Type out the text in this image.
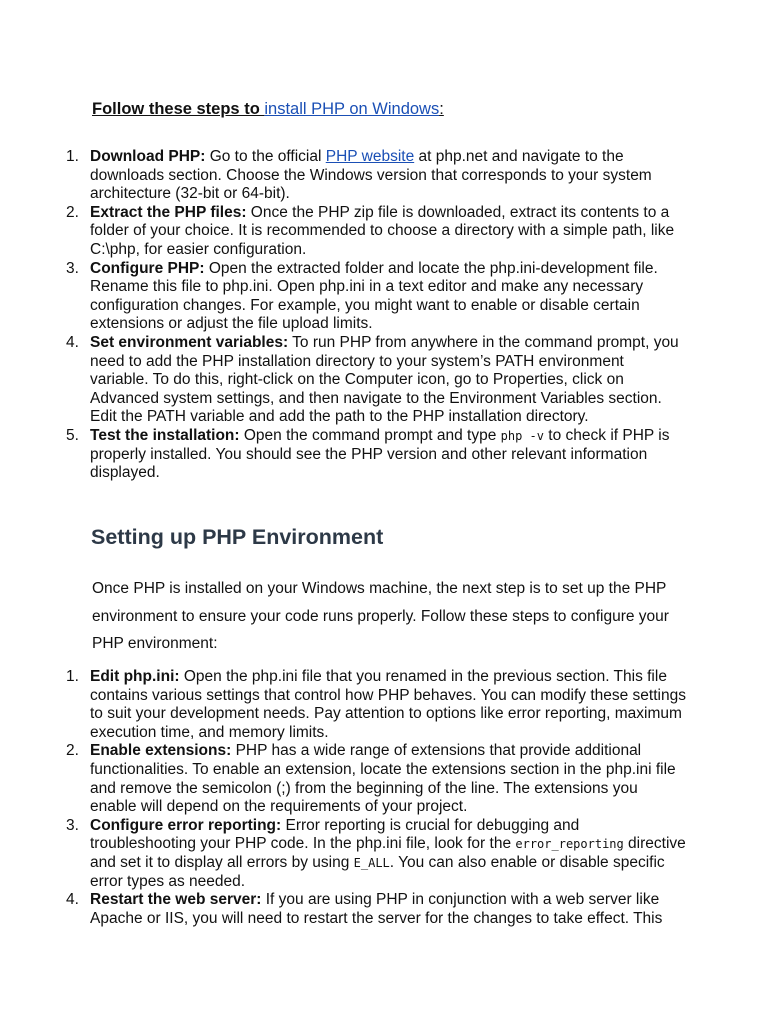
Follow these steps to install PHP on Windows:
1. Download PHP: Go to the official PHP website at php.net and navigate to the downloads section. Choose the Windows version that corresponds to your system architecture (32-bit or 64-bit).
2. Extract the PHP files: Once the PHP zip file is downloaded, extract its contents to a folder of your choice. It is recommended to choose a directory with a simple path, like C:\php, for easier configuration.
3. Configure PHP: Open the extracted folder and locate the php.ini-development file. Rename this file to php.ini. Open php.ini in a text editor and make any necessary configuration changes. For example, you might want to enable or disable certain extensions or adjust the file upload limits.
4. Set environment variables: To run PHP from anywhere in the command prompt, you need to add the PHP installation directory to your system’s PATH environment variable. To do this, right-click on the Computer icon, go to Properties, click on Advanced system settings, and then navigate to the Environment Variables section. Edit the PATH variable and add the path to the PHP installation directory.
5. Test the installation: Open the command prompt and type php -v to check if PHP is properly installed. You should see the PHP version and other relevant information displayed.
Setting up PHP Environment

Once PHP is installed on your Windows machine, the next step is to set up the PHP environment to ensure your code runs properly. Follow these steps to configure your PHP environment:

1. Edit php.ini: Open the php.ini file that you renamed in the previous section. This file contains various settings that control how PHP behaves. You can modify these settings to suit your development needs. Pay attention to options like error reporting, maximum execution time, and memory limits.
2. Enable extensions: PHP has a wide range of extensions that provide additional functionalities. To enable an extension, locate the extensions section in the php.ini file and remove the semicolon (;) from the beginning of the line. The extensions you enable will depend on the requirements of your project.
3. Configure error reporting: Error reporting is crucial for debugging and troubleshooting your PHP code. In the php.ini file, look for the error_reporting directive and set it to display all errors by using E_ALL. You can also enable or disable specific error types as needed.
4. Restart the web server: If you are using PHP in conjunction with a web server like Apache or IIS, you will need to restart the server for the changes to take effect. This
